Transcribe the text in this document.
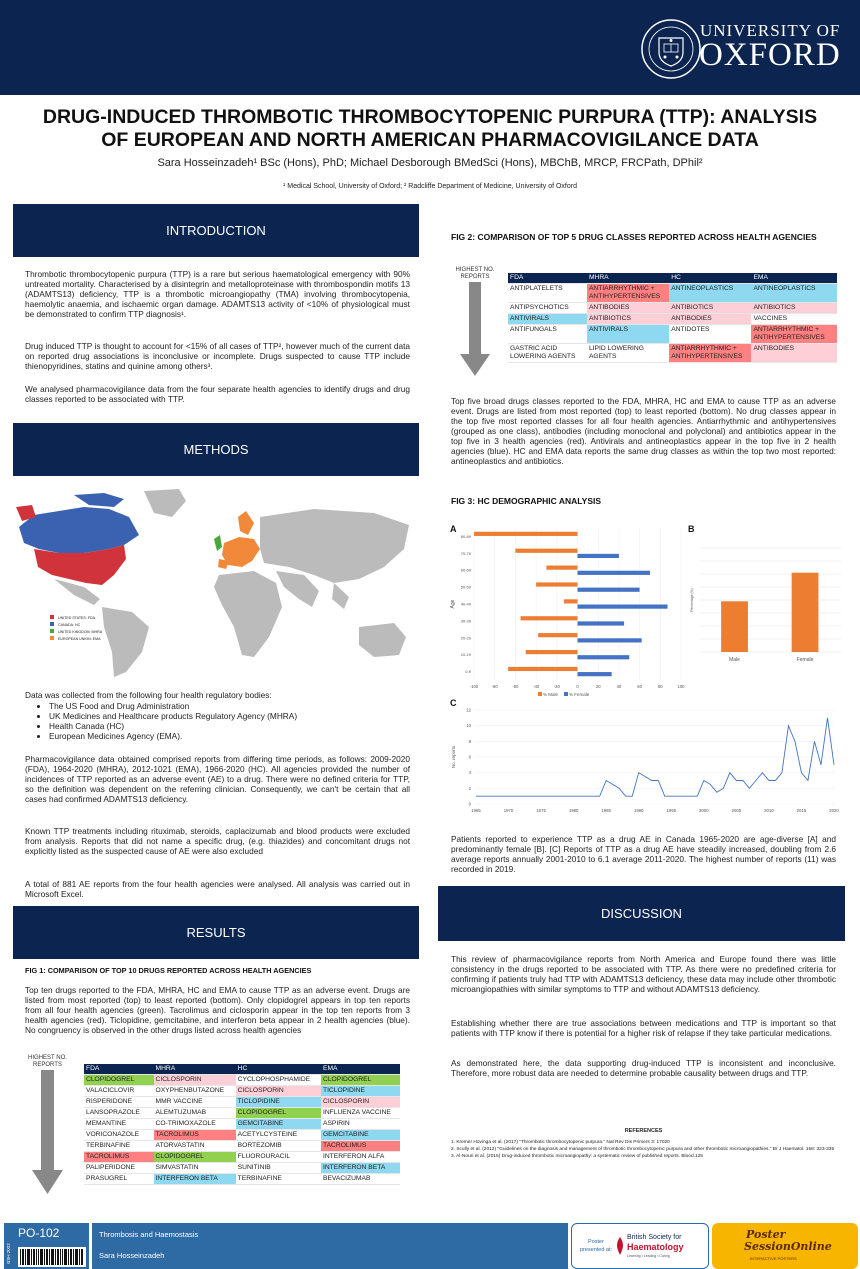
UNIVERSITY OF
OXFORD
DRUG-INDUCED THROMBOTIC THROMBOCYTOPENIC PURPURA (TTP): ANALYSIS OF EUROPEAN AND NORTH AMERICAN PHARMACOVIGILANCE DATA
Sara Hosseinzadeh¹ BSc (Hons), PhD; Michael Desborough BMedSci (Hons), MBChB, MRCP, FRCPath, DPhil²
¹ Medical School, University of Oxford; ² Radcliffe Department of Medicine, University of Oxford
INTRODUCTION
Thrombotic thrombocytopenic purpura (TTP) is a rare but serious haematological emergency with 90% untreated mortality. Characterised by a disintegrin and metalloproteinase with thrombospondin motifs 13 (ADAMTS13) deficiency, TTP is a thrombotic microangiopathy (TMA) involving thrombocytopenia, haemolytic anaemia, and ischaemic organ damage. ADAMTS13 activity of <10% of physiological must be demonstrated to confirm TTP diagnosis¹.
Drug induced TTP is thought to account for <15% of all cases of TTP², however much of the current data on reported drug associations is inconclusive or incomplete. Drugs suspected to cause TTP include thienopyridines, statins and quinine among others³.
We analysed pharmacovigilance data from the four separate health agencies to identify drugs and drug classes reported to be associated with TTP.
METHODS
UNITED STATES: FDA
CANADA: HC
UNITED KINGDOM: MHRA
EUROPEAN UNION: EMA
Data was collected from the following four health regulatory bodies:
• The US Food and Drug Administration
• UK Medicines and Healthcare products Regulatory Agency (MHRA)
• Health Canada (HC)
• European Medicines Agency (EMA).
Pharmacovigilance data obtained comprised reports from differing time periods, as follows: 2009-2020 (FDA), 1964-2020 (MHRA), 2012-1021 (EMA), 1966-2020 (HC). All agencies provided the number of incidences of TTP reported as an adverse event (AE) to a drug. There were no defined criteria for TTP, so the definition was dependent on the referring clinician. Consequently, we can't be certain that all cases had confirmed ADAMTS13 deficiency.
Known TTP treatments including rituximab, steroids, caplacizumab and blood products were excluded from analysis. Reports that did not name a specific drug, (e.g. thiazides) and concomitant drugs not explicitly listed as the suspected cause of AE were also excluded
A total of 881 AE reports from the four health agencies were analysed. All analysis was carried out in Microsoft Excel.
RESULTS
FIG 1: COMPARISON OF TOP 10 DRUGS REPORTED ACROSS HEALTH AGENCIES
Top ten drugs reported to the FDA, MHRA, HC and EMA to cause TTP as an adverse event. Drugs are listed from most reported (top) to least reported (bottom). Only clopidogrel appears in top ten reports from all four health agencies (green). Tacrolimus and ciclosporin appear in the top ten reports from 3 health agencies (red). Ticlopidine, gemcitabine, and interferon beta appear in 2 health agencies (blue). No congruency is observed in the other drugs listed across health agencies
HIGHEST NO. REPORTS	FDA	MHRA	HC	EMA
CLOPIDOGREL	CICLOSPORIN	CYCLOPHOSPHAMIDE	CLOPIDOGREL
VALACICLOVIR	OXYPHENBUTAZONE	CICLOSPORIN	TICLOPIDINE
RISPERIDONE	MMR VACCINE	TICLOPIDINE	CICLOSPORIN
LANSOPRAZOLE	ALEMTUZUMAB	CLOPIDOGREL	INFLUENZA VACCINE
MEMANTINE	CO-TRIMOXAZOLE	GEMCITABINE	ASPIRIN
VORICONAZOLE	TACROLIMUS	ACETYLCYSTEINE	GEMCITABINE
TERBINAFINE	ATORVASTATIN	BORTEZOMIB	TACROLIMUS
TACROLIMUS	CLOPIDOGREL	FLUOROURACIL	INTERFERON ALFA
PALIPERIDONE	SIMVASTATIN	SUNITINIB	INTERFERON BETA
PRASUGREL	INTERFERON BETA	TERBINAFINE	BEVACIZUMAB
FIG 2: COMPARISON OF TOP 5 DRUG CLASSES REPORTED ACROSS HEALTH AGENCIES
HIGHEST NO. REPORTS	FDA	MHRA	HC	EMA
ANTIPLATELETS	ANTIARRHYTHMIC + ANTIHYPERTENSIVES	ANTINEOPLASTICS	ANTINEOPLASTICS
ANTIPSYCHOTICS	ANTIBODIES	ANTIBIOTICS	ANTIBIOTICS
ANTIVIRALS	ANTIBIOTICS	ANTIBODIES	VACCINES
ANTIFUNGALS	ANTIVIRALS	ANTIDOTES	ANTIARRHYTHMIC + ANTIHYPERTENSIVES
GASTRIC ACID LOWERING AGENTS	LIPID LOWERING AGENTS	ANTIARRHYTHMIC + ANTIHYPERTENSIVES	ANTIBODIES
Top five broad drugs classes reported to the FDA, MHRA, HC and EMA to cause TTP as an adverse event. Drugs are listed from most reported (top) to least reported (bottom). No drug classes appear in the top five most reported classes for all four health agencies. Antiarrhythmic and antihypertensives (grouped as one class), antibodies (including monoclonal and polyclonal) and antibiotics appear in the top five in 3 health agencies (red). Antivirals and antineoplastics appear in the top five in 2 health agencies (blue). HC and EMA data reports the same drug classes as within the top two most reported: antineoplastics and antibiotics.
FIG 3: HC DEMOGRAPHIC ANALYSIS
A
-100	-80	-60	-40	-20	0	20	40	60	80	100
0-9
10-19
20-29
30-39
40-49
50-59
60-69
70-79
80-89
Age
% Male % Female
B
Male	Female
Percentage (%)
C
0
2
4
6
8
10
12
1965	1970	1975	1980	1985	1990	1995	2000	2005	2010	2015	2020
No. reports
Patients reported to experience TTP as a drug AE in Canada 1965-2020 are age-diverse [A] and predominantly female [B]. [C] Reports of TTP as a drug AE have steadily increased, doubling from 2.6 average reports annually 2001-2010 to 6.1 average 2011-2020. The highest number of reports (11) was recorded in 2019.
DISCUSSION
This review of pharmacovigilance reports from North America and Europe found there was little consistency in the drugs reported to be associated with TTP. As there were no predefined criteria for confirming if patients truly had TTP with ADAMTS13 deficiency, these data may include other thrombotic microangiopathies with similar symptoms to TTP and without ADAMTS13 deficiency.
Establishing whether there are true associations between medications and TTP is important so that patients with TTP know if there is potential for a higher risk of relapse if they take particular medications.
As demonstrated here, the data supporting drug-induced TTP is inconsistent and inconclusive. Therefore, more robust data are needed to determine probable causality between drugs and TTP.
REFERENCES
1. Kremer Hovinga et al. (2017) "Thrombotic thrombocytopenic purpura." Nat Rev Dis Primers 3: 17020
2. Scully et al. (2012) "Guidelines on the diagnosis and management of thrombotic thrombocytopenic purpura and other thrombotic microangiopathies." Br J Haematol. 158: 323-335
3. Al-Nouri et al. (2015) Drug-induced thrombotic microangiopathy: a systematic review of published reports. Blood.125
PO-102
BSH 2022
Thrombosis and Haemostasis
Sara Hosseinzadeh
Poster presented at:
British Society for
Haematology
Learning • Leading • Caring
Poster
SessionOnline
INTERACTIVE POSTERS
